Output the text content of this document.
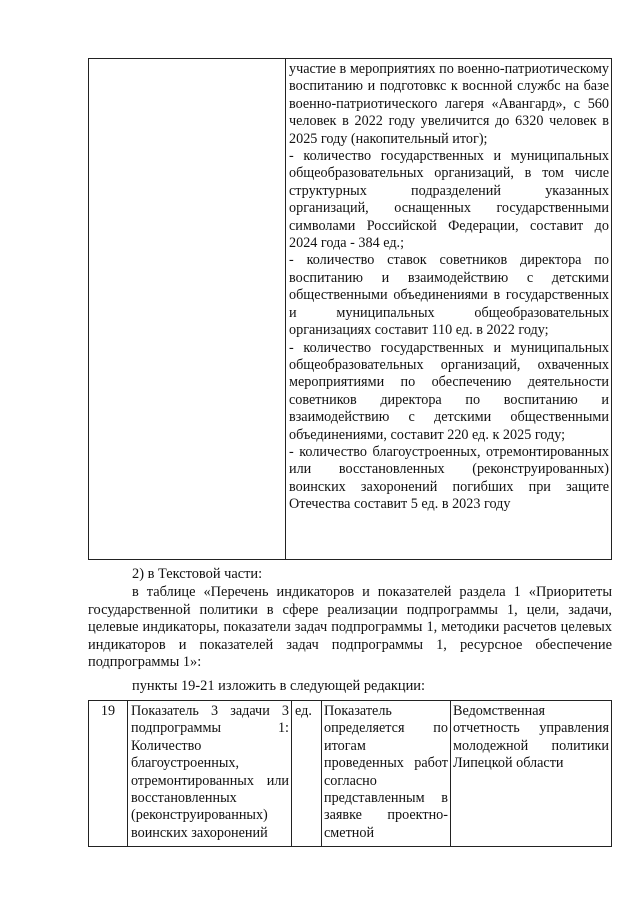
участие в мероприятиях по военно-патриотическому воспитанию и подготовкс к воснной службс на базе военно-патриотического лагеря «Авангард», с 560 человек в 2022 году увеличится до 6320 человек в 2025 году (накопительный итог);

- количество государственных и муниципальных общеобразовательных организаций, в том числе структурных подразделений указанных организаций, оснащенных государственными символами Российской Федерации, составит до 2024 года - 384 ед.;

- количество ставок советников директора по воспитанию и взаимодействию с детскими общественными объединениями в государственных и муниципальных общеобразовательных организациях составит 110 ед. в 2022 году;

- количество государственных и муниципальных общеобразовательных организаций, охваченных мероприятиями по обеспечению деятельности советников директора по воспитанию и взаимодействию с детскими общественными объединениями, составит 220 ед. к 2025 году;

- количество благоустроенных, отремонтированных или восстановленных (реконструированных) воинских захоронений погибших при защите Отечества составит 5 ед. в 2023 году

2) в Текстовой части:

в таблице «Перечень индикаторов и показателей раздела 1 «Приоритеты государственной политики в сфере реализации подпрограммы 1, цели, задачи, целевые индикаторы, показатели задач подпрограммы 1, методики расчетов целевых индикаторов и показателей задач подпрограммы 1, ресурсное обеспечение подпрограммы 1»:

пункты 19-21 изложить в следующей редакции:

19	Показатель 3 задачи 3 подпрограммы 1: Количество благоустроенных, отремонтированных или восстановленных (реконструированных) воинских захоронений

ед. Показатель определяется по итогам проведенных работ согласно представленным в заявке проектно-сметной

Ведомственная отчетность управления молодежной политики Липецкой области
